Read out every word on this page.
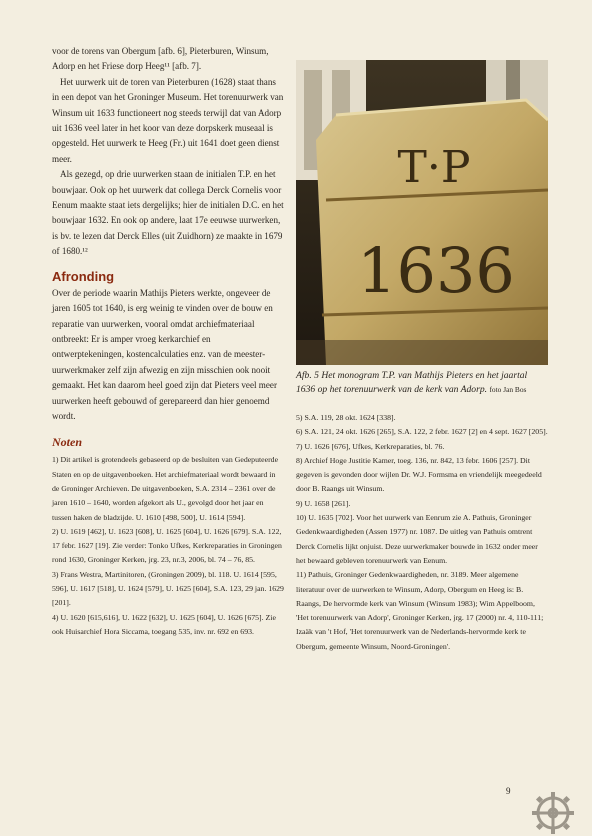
voor de torens van Obergum [afb. 6], Pieterburen, Winsum, Adorp en het Friese dorp Heeg¹¹ [afb. 7].

Het uurwerk uit de toren van Pieterburen (1628) staat thans in een depot van het Groninger Museum. Het torenuurwerk van Winsum uit 1633 functioneert nog steeds terwijl dat van Adorp uit 1636 veel later in het koor van deze dorpskerk museaal is opgesteld. Het uurwerk te Heeg (Fr.) uit 1641 doet geen dienst meer.

Als gezegd, op drie uurwerken staan de initialen T.P. en het bouwjaar. Ook op het uurwerk dat collega Derck Cornelis voor Eenum maakte staat iets dergelijks; hier de initialen D.C. en het bouwjaar 1632. En ook op andere, laat 17e eeuwse uurwerken, is bv. te lezen dat Derck Elles (uit Zuidhorn) ze maakte in 1679 of 1680.¹²

Afronding

Over de periode waarin Mathijs Pieters werkte, ongeveer de jaren 1605 tot 1640, is erg weinig te vinden over de bouw en reparatie van uurwerken, vooral omdat archiefmateriaal ontbreekt: Er is amper vroeg kerkarchief en ontwerptekeningen, kostencalculaties enz. van de meester-uurwerkmaker zelf zijn afwezig en zijn misschien ook nooit gemaakt. Het kan daarom heel goed zijn dat Pieters veel meer uurwerken heeft gebouwd of gerepareerd dan hier genoemd wordt.

Noten

1) Dit artikel is grotendeels gebaseerd op de besluiten van Gedeputeerde Staten en op de uitgavenboeken. Het archiefmateriaal wordt bewaard in de Groninger Archieven. De uitgavenboeken, S.A. 2314 – 2361 over de jaren 1610 – 1640, worden afgekort als U., gevolgd door het jaar en tussen haken de bladzijde. U. 1610 [498, 500], U. 1614 [594].

2) U. 1619 [462], U. 1623 [608], U. 1625 [604], U. 1626 [679]. S.A. 122, 17 febr. 1627 [19]. Zie verder: Tonko Ufkes, Kerkreparaties in Groningen rond 1630, Groninger Kerken, jrg. 23, nr.3, 2006, bl. 74 – 76, 85.

3) Frans Westra, Martinitoren, (Groningen 2009), bl. 118. U. 1614 [595, 596], U. 1617 [518], U. 1624 [579], U. 1625 [604], S.A. 123, 29 jan. 1629 [201].

4) U. 1620 [615,616], U. 1622 [632], U. 1625 [604], U. 1626 [675]. Zie ook Huisarchief Hora Siccama, toegang 535, inv. nr. 692 en 693.

T·P
1636
Afb. 5 Het monogram T.P. van Mathijs Pieters en het jaartal 1636 op het torenuurwerk van de kerk van Adorp. foto Jan Bos

5) S.A. 119, 28 okt. 1624 [338].

6) S.A. 121, 24 okt. 1626 [265], S.A. 122, 2 febr. 1627 [2] en 4 sept. 1627 [205].

7) U. 1626 [676], Ufkes, Kerkreparaties, bl. 76.

8) Archief Hoge Justitie Kamer, toeg. 136, nr. 842, 13 febr. 1606 [257]. Dit gegeven is gevonden door wijlen Dr. W.J. Formsma en vriendelijk meegedeeld door B. Raangs uit Winsum.

9) U. 1658 [261].

10) U. 1635 [702]. Voor het uurwerk van Eenrum zie A. Pathuis, Groninger Gedenkwaardigheden (Assen 1977) nr. 1087. De uitleg van Pathuis omtrent Derck Cornelis lijkt onjuist. Deze uurwerkmaker bouwde in 1632 onder meer het bewaard gebleven torenuurwerk van Eenum.

11) Pathuis, Groninger Gedenkwaardigheden, nr. 3189. Meer algemene literatuur over de uurwerken te Winsum, Adorp, Obergum en Heeg is: B. Raangs, De hervormde kerk van Winsum (Winsum 1983); Wim Appelboom, 'Het torenuurwerk van Adorp', Groninger Kerken, jrg. 17 (2000) nr. 4, 110-111; Izaäk van 't Hof, 'Het torenuurwerk van de Nederlands-hervormde kerk te Obergum, gemeente Winsum, Noord-Groningen'.

9
